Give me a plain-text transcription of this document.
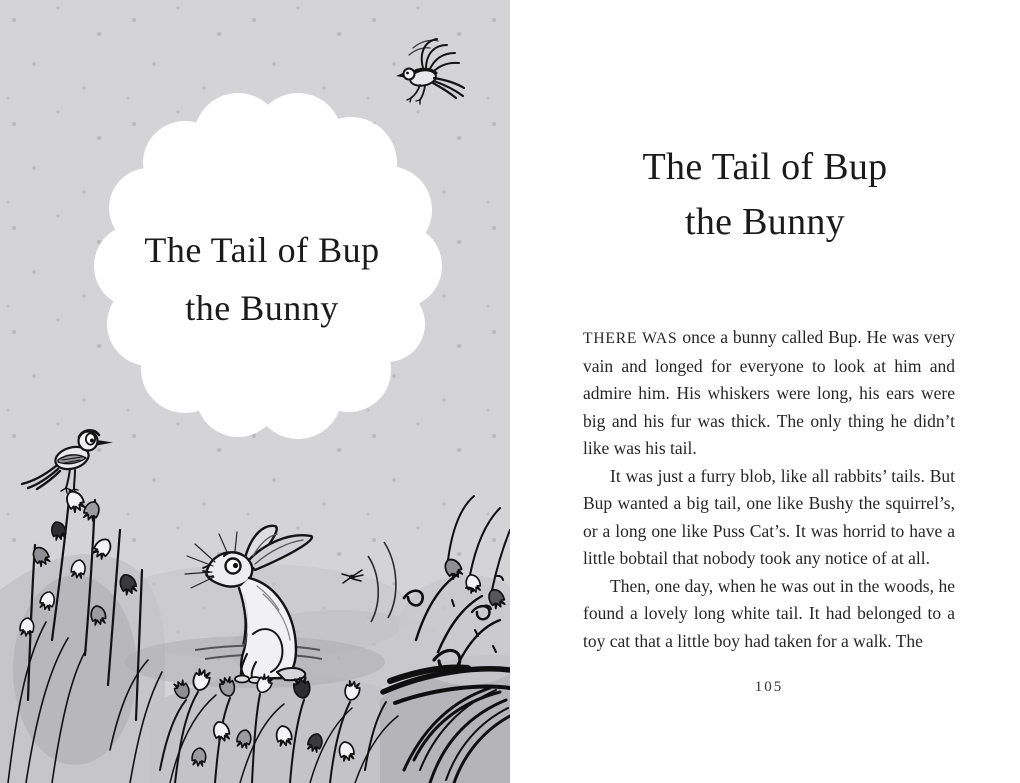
The Tail of Bup
the Bunny
The Tail of Bup
the Bunny

THERE WAS once a bunny called Bup. He was very vain and longed for everyone to look at him and admire him. His whiskers were long, his ears were big and his fur was thick. The only thing he didn’t like was his tail.

It was just a furry blob, like all rabbits’ tails. But Bup wanted a big tail, one like Bushy the squirrel’s, or a long one like Puss Cat’s. It was horrid to have a little bobtail that nobody took any notice of at all.

Then, one day, when he was out in the woods, he found a lovely long white tail. It had belonged to a toy cat that a little boy had taken for a walk. The

105
